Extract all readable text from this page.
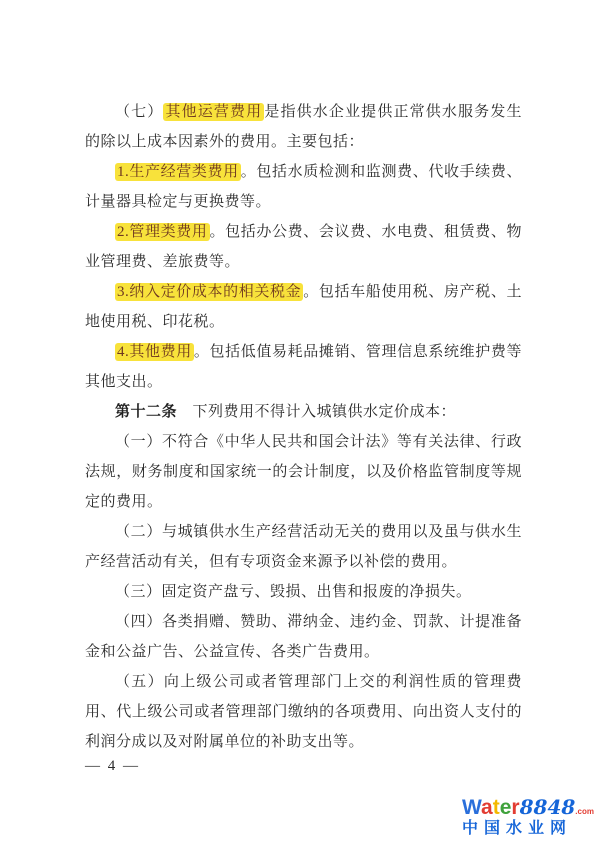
（七） 其他运营费用 是指供水企业提供正常供水服务发生的除以上成本因素外的费用。主要包括：

1.生产经营类费用 。包括水质检测和监测费、代收手续费、计量器具检定与更换费等。

2.管理类费用 。包括办公费、会议费、水电费、租赁费、物业管理费、差旅费等。

3.纳入定价成本的相关税金 。包括车船使用税、房产税、土地使用税、印花税。

4.其他费用 。包括低值易耗品摊销、管理信息系统维护费等其他支出。

第十二条　下列费用不得计入城镇供水定价成本：

（一）不符合《中华人民共和国会计法》等有关法律、行政法规，财务制度和国家统一的会计制度，以及价格监管制度等规定的费用。

（二）与城镇供水生产经营活动无关的费用以及虽与供水生产经营活动有关，但有专项资金来源予以补偿的费用。

（三）固定资产盘亏、毁损、出售和报废的净损失。

（四）各类捐赠、赞助、滞纳金、违约金、罚款、计提准备金和公益广告、公益宣传、各类广告费用。

（五）向上级公司或者管理部门上交的利润性质的管理费用、代上级公司或者管理部门缴纳的各项费用、向出资人支付的利润分成以及对附属单位的补助支出等。

— 4 —
Water8848.com
中国水业网
